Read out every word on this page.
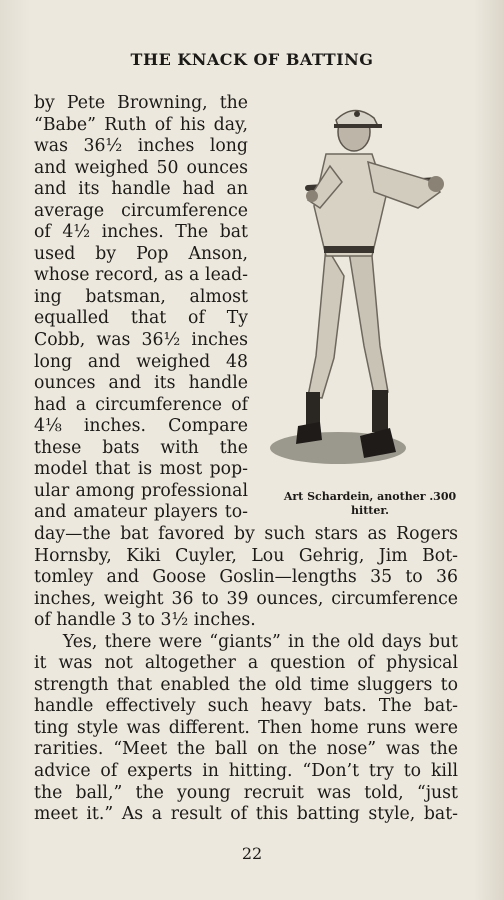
THE KNACK OF BATTING
by Pete Browning, the
“Babe” Ruth of his day,
was 36½ inches long
and weighed 50 ounces
and its handle had an
average circumference
of 4½ inches. The bat
used by Pop Anson,
whose record, as a lead-
ing batsman, almost
equalled that of Ty
Cobb, was 36½ inches
long and weighed 48
ounces and its handle
had a circumference of
4⅛ inches. Compare
these bats with the
model that is most pop-
ular among professional
and amateur players to-
Art Schardein, another .300 hitter.
day—the bat favored by such stars as Rogers
Hornsby, Kiki Cuyler, Lou Gehrig, Jim Bot-
tomley and Goose Goslin—lengths 35 to 36
inches, weight 36 to 39 ounces, circumference
of handle 3 to 3½ inches.
Yes, there were “giants” in the old days but
it was not altogether a question of physical
strength that enabled the old time sluggers to
handle effectively such heavy bats. The bat-
ting style was different. Then home runs were
rarities. “Meet the ball on the nose” was the
advice of experts in hitting. “Don’t try to kill
the ball,” the young recruit was told, “just
meet it.” As a result of this batting style, bat-
22
